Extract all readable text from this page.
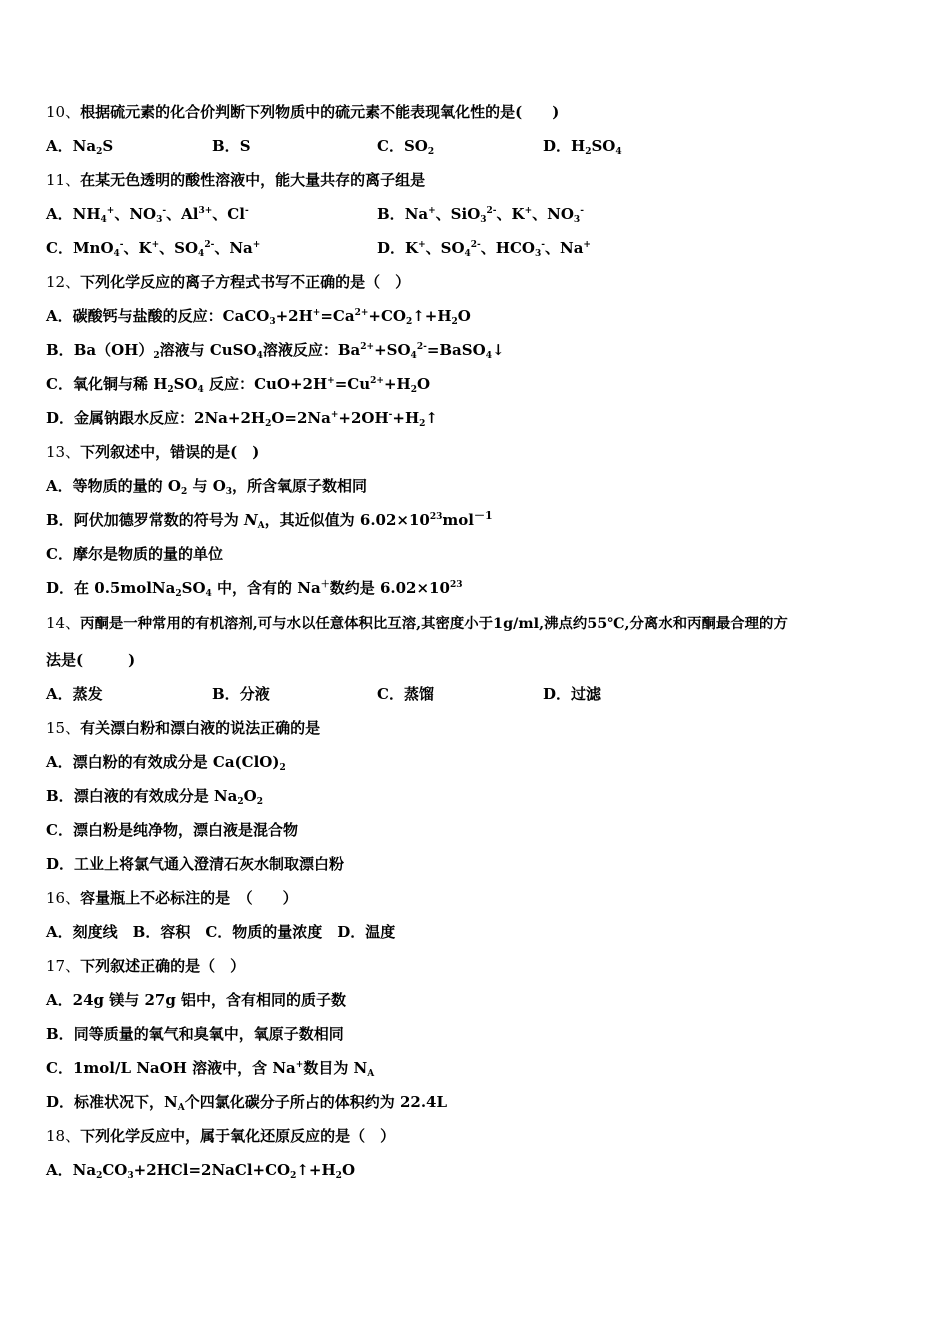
10、根据硫元素的化合价判断下列物质中的硫元素不能表现氧化性的是(　　)
A．$Na_2S$	B．S	C．$SO_2$	D．$H_2SO_4$
11、在某无色透明的酸性溶液中，能大量共存的离子组是
A．$NH_4^+$、$NO_3^-$、$Al^{3+}$、Cl-	B．Na+、SiO$_3^{2-}$、K+、$NO_3^-$
C．MnO$_4$-、K+、$SO_4^{2-}$、Na+	D．K+、$SO_4^{2-}$、$HCO_3^-$、Na+
12、下列化学反应的离子方程式书写不正确的是（　）
A．碳酸钙与盐酸的反应：$CaCO_3+2H^+=Ca^{2+}+CO_2↑+H_2O$
B．$Ba(OH)_2$溶液与 CuSO$_4$溶液反应：$Ba^{2+}+SO_4^{2-}=BaSO_4↓$
C．氧化铜与稀 $H_2SO_4$ 反应：$CuO+2H^+=Cu^{2+}+H_2O$
D．金属钠跟水反应：$2Na+2H_2O=2Na^++2OH^-+H_2↑$
13、下列叙述中，错误的是(　)
A．等物质的量的 $O_2$ 与 $O_3$，所含氧原子数相同
B．阿伏加德罗常数的符号为 $N_A$，其近似值为 $6.02\times 10^{23}mol^{-1}$
C．摩尔是物质的量的单位
D．在 $0.5molNa_2SO_4$ 中，含有的 Na＋数约是 $6.02\times 10^{23}$
14、丙酮是一种常用的有机溶剂,可与水以任意体积比互溶,其密度小于1g/ml,沸点约55℃,分离水和丙酮最合理的方
法是(　　　)
A．蒸发	B．分液	C．蒸馏	D．过滤
15、有关漂白粉和漂白液的说法正确的是
A．漂白粉的有效成分是 $Ca(ClO)_2$
B．漂白液的有效成分是 $Na_2O_2$
C．漂白粉是纯净物，漂白液是混合物
D．工业上将氯气通入澄清石灰水制取漂白粉
16、容量瓶上不必标注的是　（　　）
A．刻度线　B．容积　C．物质的量浓度　D．温度
17、下列叙述正确的是（　）
A．24g 镁与 27g 铝中，含有相同的质子数
B．同等质量的氧气和臭氧中，氧原子数相同
C．1mol/L NaOH 溶液中，含 Na+数目为 $N_A$
D．标准状况下，$N_A$个四氯化碳分子所占的体积约为 22.4L
18、下列化学反应中，属于氧化还原反应的是（　）
A．$Na_2CO_3+2HCl=2NaCl+CO_2↑+H_2O$
